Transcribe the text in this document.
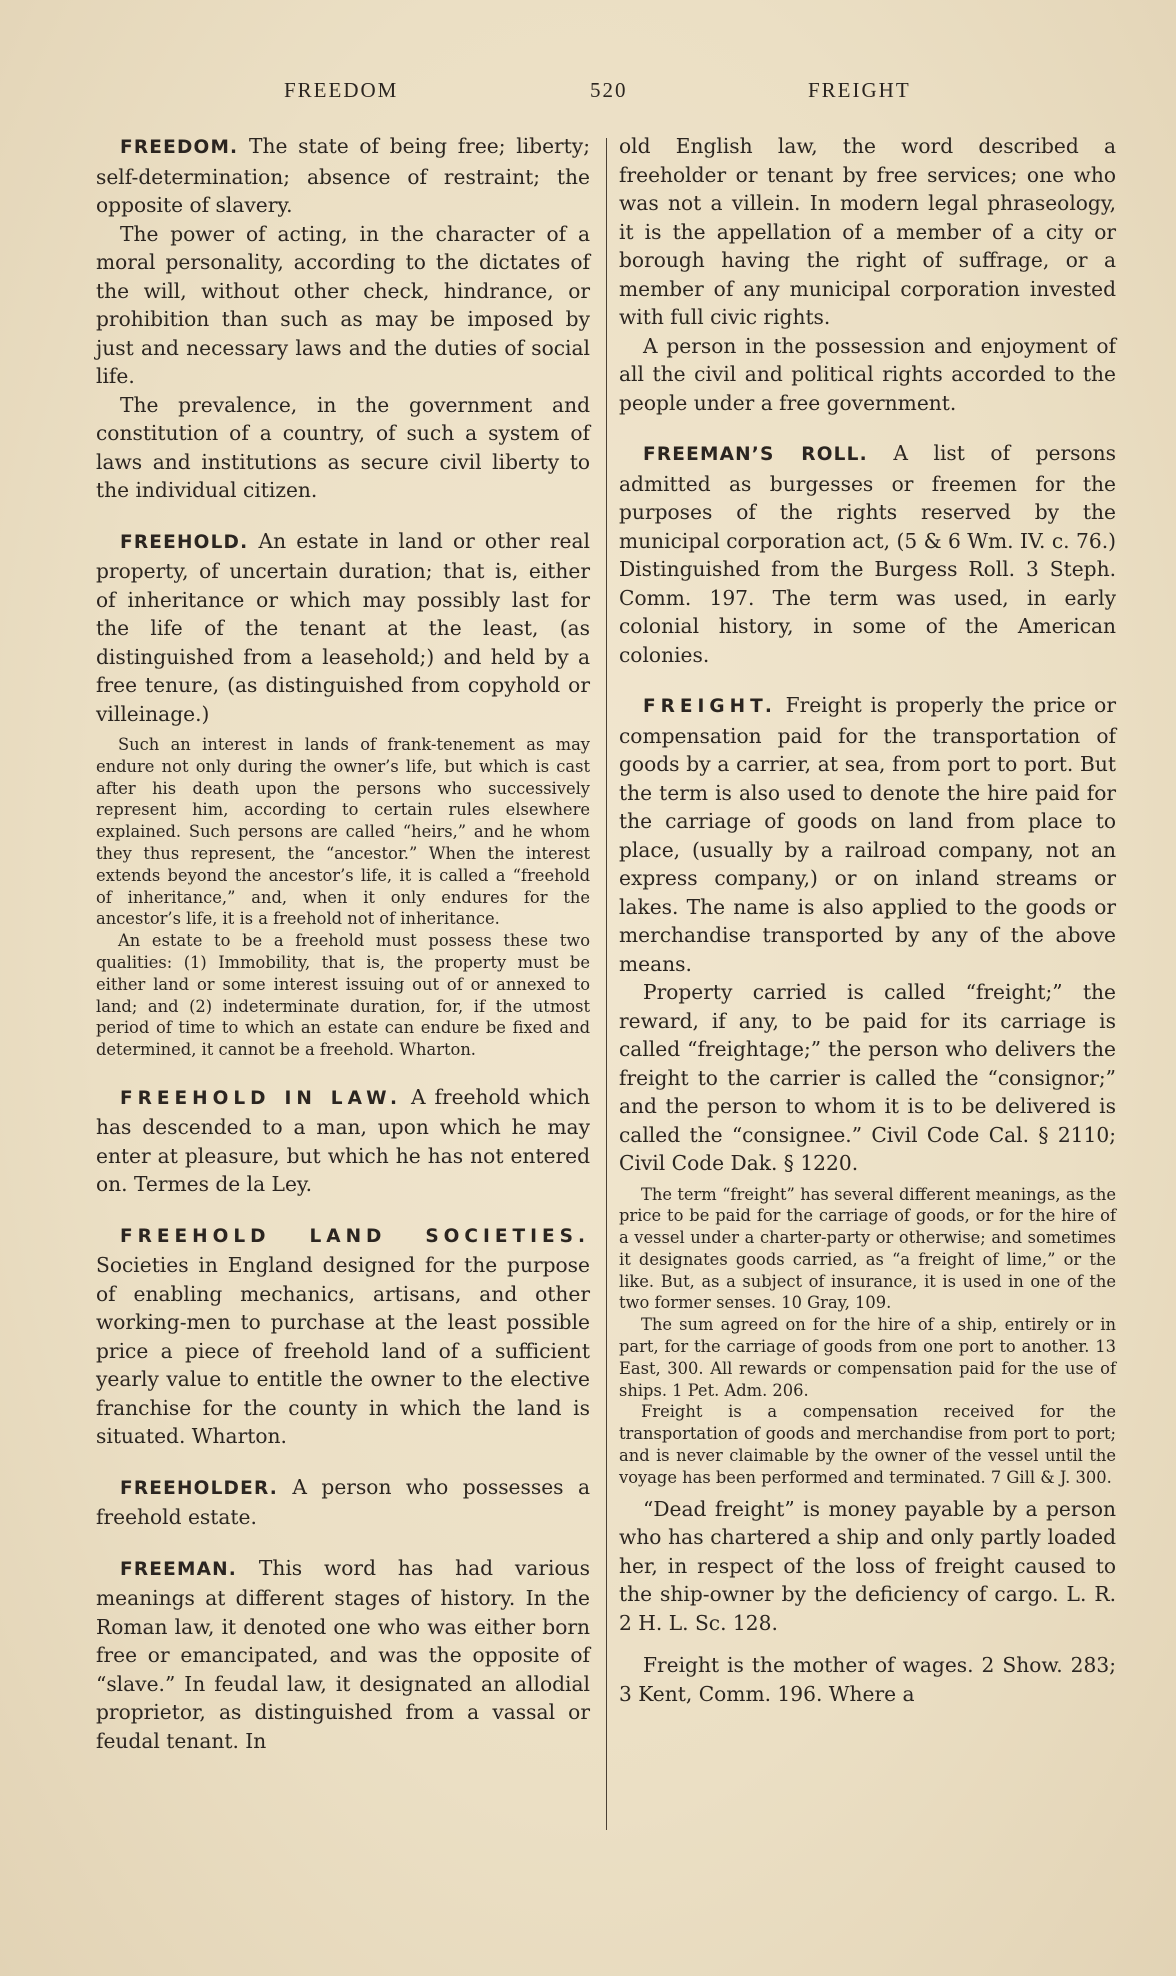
FREEDOM	520	FREIGHT

FREEDOM. The state of being free; liberty; self-determination; absence of restraint; the opposite of slavery.

The power of acting, in the character of a moral personality, according to the dictates of the will, without other check, hindrance, or prohibition than such as may be imposed by just and necessary laws and the duties of social life.

The prevalence, in the government and constitution of a country, of such a system of laws and institutions as secure civil liberty to the individual citizen.

FREEHOLD. An estate in land or other real property, of uncertain duration; that is, either of inheritance or which may possibly last for the life of the tenant at the least, (as distinguished from a leasehold;) and held by a free tenure, (as distinguished from copyhold or villeinage.)

Such an interest in lands of frank-tenement as may endure not only during the owner’s life, but which is cast after his death upon the persons who successively represent him, according to certain rules elsewhere explained. Such persons are called “heirs,” and he whom they thus represent, the “ancestor.” When the interest extends beyond the ancestor’s life, it is called a “freehold of inheritance,” and, when it only endures for the ancestor’s life, it is a freehold not of inheritance.

An estate to be a freehold must possess these two qualities: (1) Immobility, that is, the property must be either land or some interest issuing out of or annexed to land; and (2) indeterminate duration, for, if the utmost period of time to which an estate can endure be fixed and determined, it cannot be a freehold. Wharton.

FREEHOLD IN LAW. A freehold which has descended to a man, upon which he may enter at pleasure, but which he has not entered on. Termes de la Ley.

FREEHOLD LAND SOCIETIES. Societies in England designed for the purpose of enabling mechanics, artisans, and other working-men to purchase at the least possible price a piece of freehold land of a sufficient yearly value to entitle the owner to the elective franchise for the county in which the land is situated. Wharton.

FREEHOLDER. A person who possesses a freehold estate.

FREEMAN. This word has had various meanings at different stages of history. In the Roman law, it denoted one who was either born free or emancipated, and was the opposite of “slave.” In feudal law, it designated an allodial proprietor, as distinguished from a vassal or feudal tenant. In

old English law, the word described a freeholder or tenant by free services; one who was not a villein. In modern legal phraseology, it is the appellation of a member of a city or borough having the right of suffrage, or a member of any municipal corporation invested with full civic rights.

A person in the possession and enjoyment of all the civil and political rights accorded to the people under a free government.

FREEMAN’S ROLL. A list of persons admitted as burgesses or freemen for the purposes of the rights reserved by the municipal corporation act, (5 & 6 Wm. IV. c. 76.) Distinguished from the Burgess Roll. 3 Steph. Comm. 197. The term was used, in early colonial history, in some of the American colonies.

FREIGHT. Freight is properly the price or compensation paid for the transportation of goods by a carrier, at sea, from port to port. But the term is also used to denote the hire paid for the carriage of goods on land from place to place, (usually by a railroad company, not an express company,) or on inland streams or lakes. The name is also applied to the goods or merchandise transported by any of the above means.

Property carried is called “freight;” the reward, if any, to be paid for its carriage is called “freightage;” the person who delivers the freight to the carrier is called the “consignor;” and the person to whom it is to be delivered is called the “consignee.” Civil Code Cal. § 2110; Civil Code Dak. § 1220.

The term “freight” has several different meanings, as the price to be paid for the carriage of goods, or for the hire of a vessel under a charter-party or otherwise; and sometimes it designates goods carried, as “a freight of lime,” or the like. But, as a subject of insurance, it is used in one of the two former senses. 10 Gray, 109.

The sum agreed on for the hire of a ship, entirely or in part, for the carriage of goods from one port to another. 13 East, 300. All rewards or compensation paid for the use of ships. 1 Pet. Adm. 206.

Freight is a compensation received for the transportation of goods and merchandise from port to port; and is never claimable by the owner of the vessel until the voyage has been performed and terminated. 7 Gill & J. 300.

“Dead freight” is money payable by a person who has chartered a ship and only partly loaded her, in respect of the loss of freight caused to the ship-owner by the deficiency of cargo. L. R. 2 H. L. Sc. 128.

Freight is the mother of wages. 2 Show. 283; 3 Kent, Comm. 196. Where a
